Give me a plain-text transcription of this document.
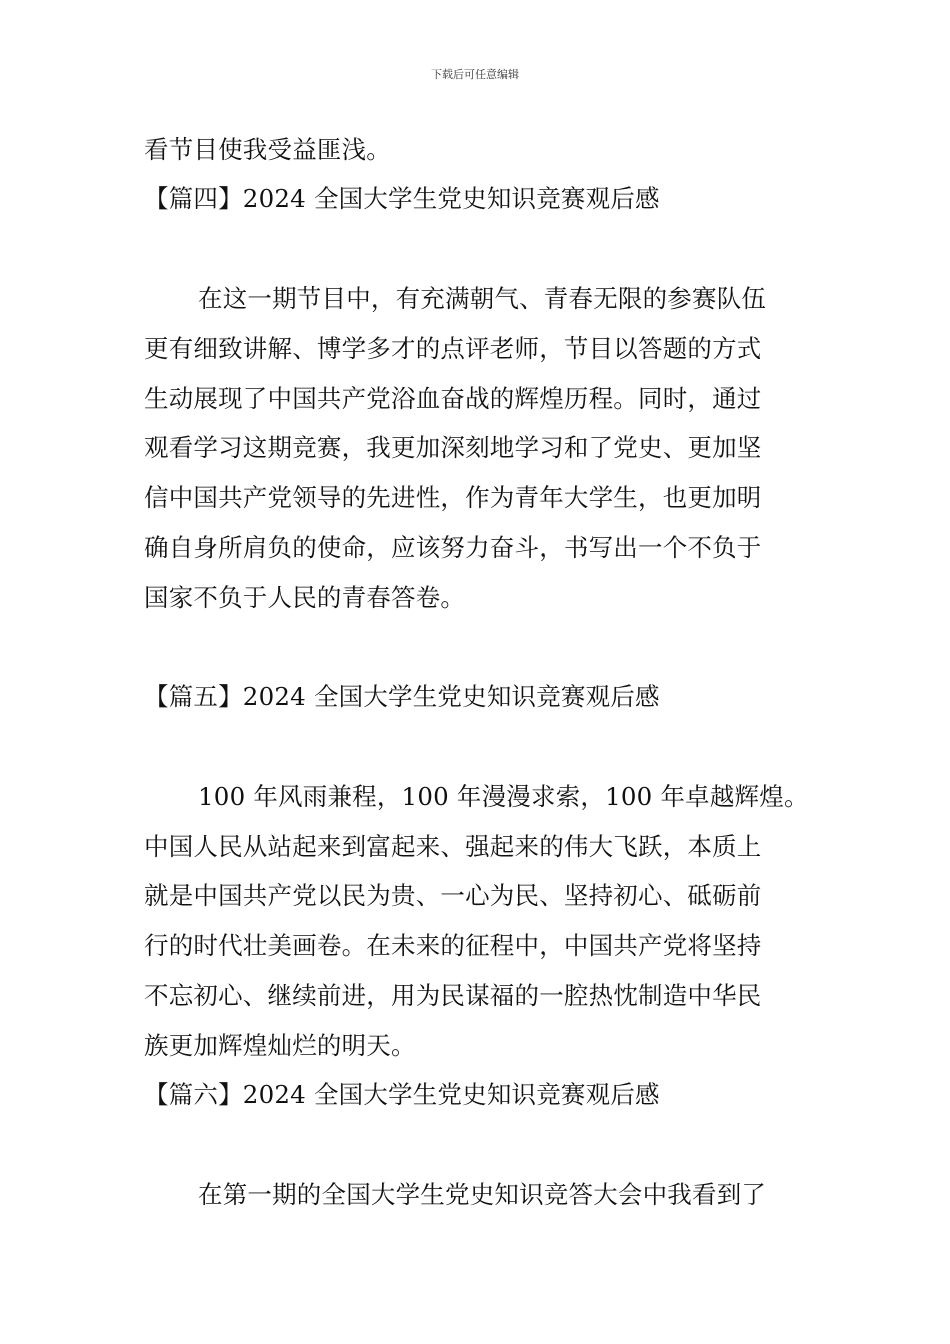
下载后可任意编辑
看节目使我受益匪浅。
【篇四】2024 全国大学生党史知识竞赛观后感
在这一期节目中，有充满朝气、青春无限的参赛队伍
更有细致讲解、博学多才的点评老师，节目以答题的方式
生动展现了中国共产党浴血奋战的辉煌历程。同时，通过
观看学习这期竞赛，我更加深刻地学习和了党史、更加坚
信中国共产党领导的先进性，作为青年大学生，也更加明
确自身所肩负的使命，应该努力奋斗，书写出一个不负于
国家不负于人民的青春答卷。
【篇五】2024 全国大学生党史知识竞赛观后感
100 年风雨兼程，100 年漫漫求索，100 年卓越辉煌。
中国人民从站起来到富起来、强起来的伟大飞跃，本质上
就是中国共产党以民为贵、一心为民、坚持初心、砥砺前
行的时代壮美画卷。在未来的征程中，中国共产党将坚持
不忘初心、继续前进，用为民谋福的一腔热忱制造中华民
族更加辉煌灿烂的明天。
【篇六】2024 全国大学生党史知识竞赛观后感
在第一期的全国大学生党史知识竞答大会中我看到了
